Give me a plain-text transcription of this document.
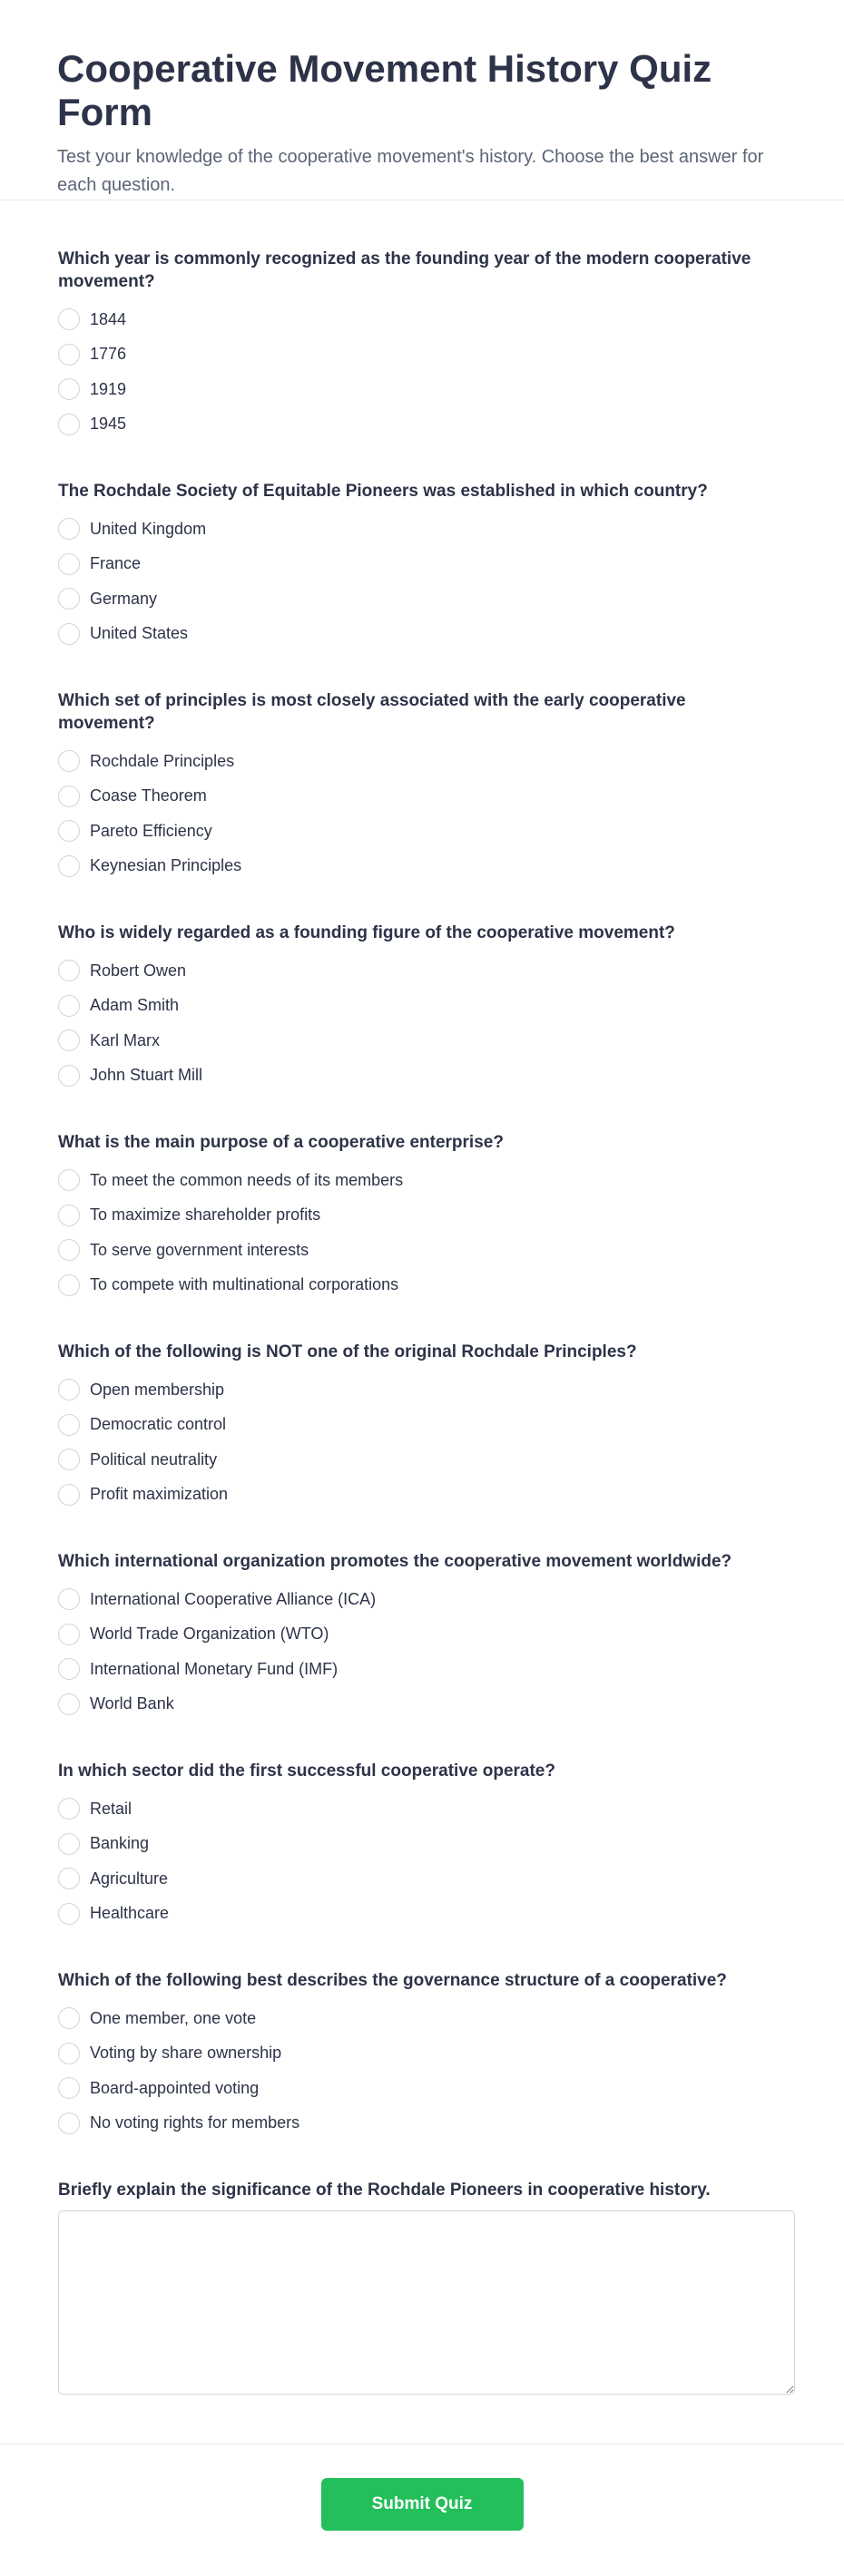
Cooperative Movement History Quiz Form

Test your knowledge of the cooperative movement's history. Choose the best answer for each question.

Which year is commonly recognized as the founding year of the modern cooperative movement?
1844
1776
1919
1945
The Rochdale Society of Equitable Pioneers was established in which country?
United Kingdom
France
Germany
United States
Which set of principles is most closely associated with the early cooperative movement?
Rochdale Principles
Coase Theorem
Pareto Efficiency
Keynesian Principles
Who is widely regarded as a founding figure of the cooperative movement?
Robert Owen
Adam Smith
Karl Marx
John Stuart Mill
What is the main purpose of a cooperative enterprise?
To meet the common needs of its members
To maximize shareholder profits
To serve government interests
To compete with multinational corporations
Which of the following is NOT one of the original Rochdale Principles?
Open membership
Democratic control
Political neutrality
Profit maximization
Which international organization promotes the cooperative movement worldwide?
International Cooperative Alliance (ICA)
World Trade Organization (WTO)
International Monetary Fund (IMF)
World Bank
In which sector did the first successful cooperative operate?
Retail
Banking
Agriculture
Healthcare
Which of the following best describes the governance structure of a cooperative?
One member, one vote
Voting by share ownership
Board-appointed voting
No voting rights for members
Briefly explain the significance of the Rochdale Pioneers in cooperative history.
Submit Quiz
